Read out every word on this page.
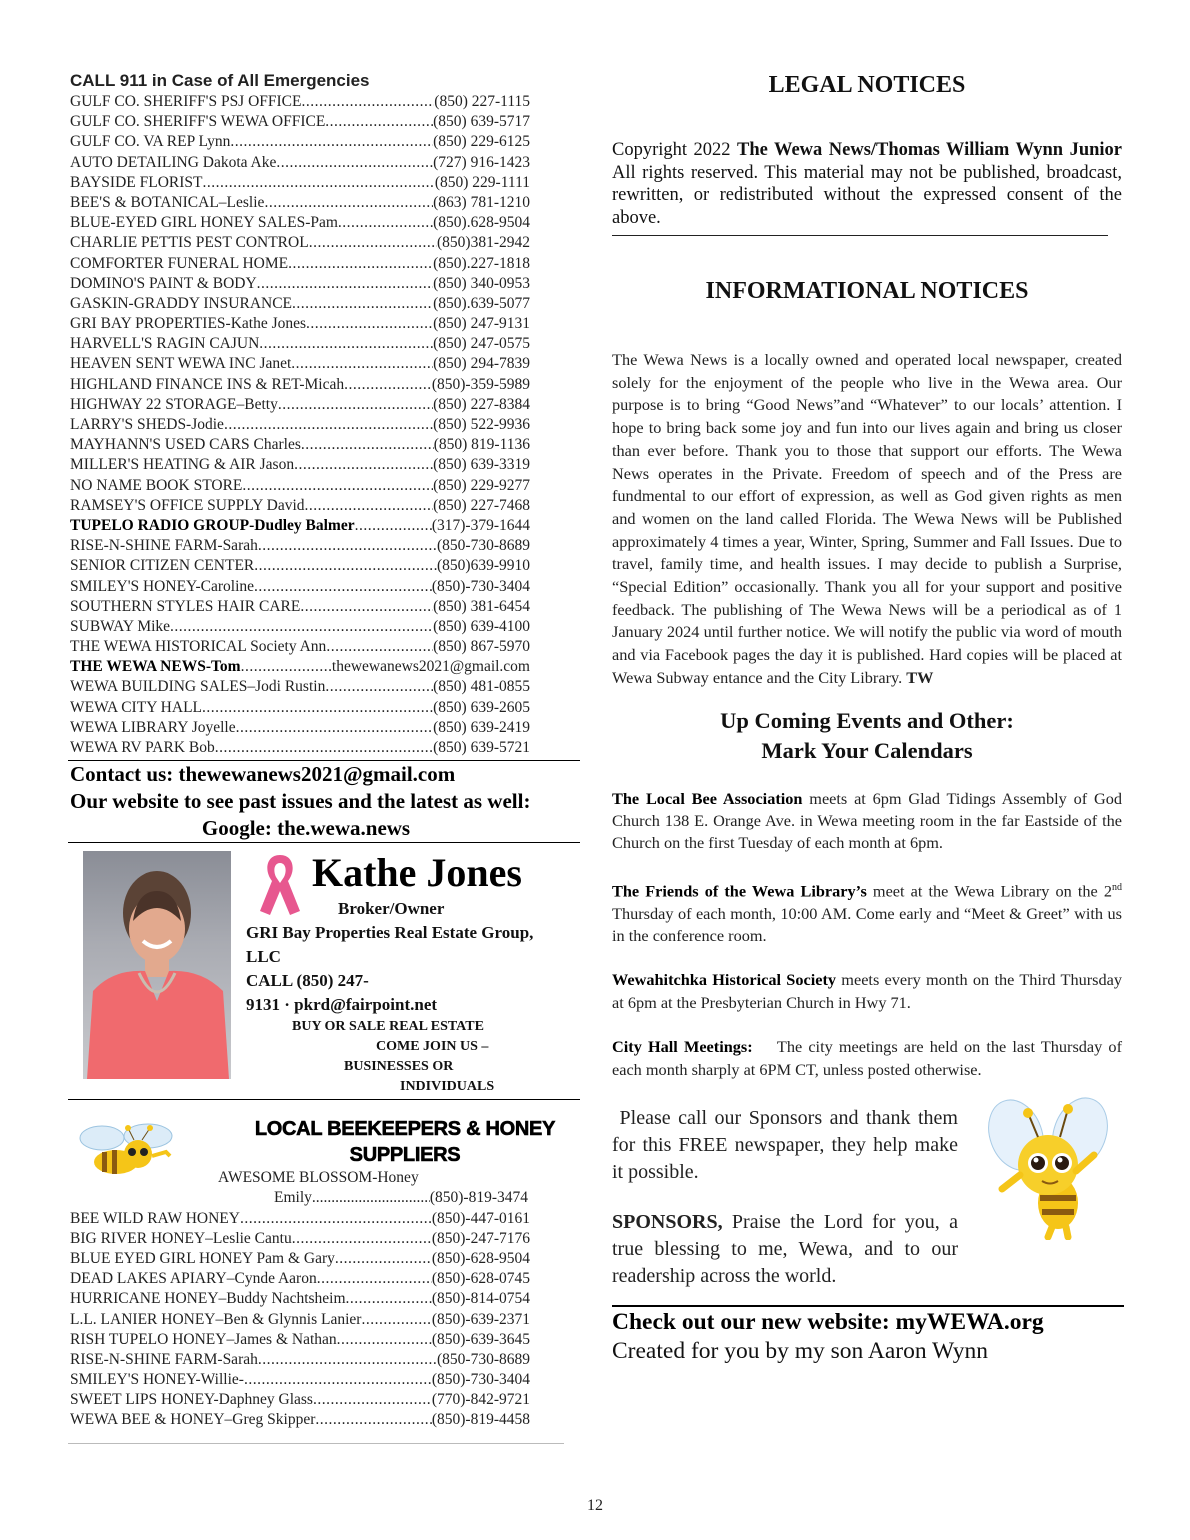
CALL 911 in Case of All Emergencies
GULF CO. SHERIFF'S PSJ OFFICE .....	(850) 227-1115
GULF CO. SHERIFF'S WEWA OFFICE .....	(850) 639-5717
GULF CO. VA REP Lynn .....	(850) 229-6125
AUTO DETAILING Dakota Ake .....	(727) 916-1423
BAYSIDE FLORIST .....	(850) 229-1111
BEE'S & BOTANICAL–Leslie .....	(863) 781-1210
BLUE-EYED GIRL HONEY SALES-Pam .....	(850).628-9504
CHARLIE PETTIS PEST CONTROL .....	(850)381-2942
COMFORTER FUNERAL HOME .....	(850).227-1818
DOMINO'S PAINT & BODY .....	(850) 340-0953
GASKIN-GRADDY INSURANCE .....	(850).639-5077
GRI BAY PROPERTIES-Kathe Jones .....	(850) 247-9131
HARVELL'S RAGIN CAJUN .....	(850) 247-0575
HEAVEN SENT WEWA INC Janet .....	(850) 294-7839
HIGHLAND FINANCE INS & RET-Micah .....	(850)-359-5989
HIGHWAY 22 STORAGE–Betty .....	(850) 227-8384
LARRY'S SHEDS-Jodie .....	(850) 522-9936
MAYHANN'S USED CARS Charles .....	(850) 819-1136
MILLER'S HEATING & AIR Jason .....	(850) 639-3319
NO NAME BOOK STORE .....	(850) 229-9277
RAMSEY'S OFFICE SUPPLY David .....	(850) 227-7468
TUPELO RADIO GROUP-Dudley Balmer .....	(317)-379-1644
RISE-N-SHINE FARM-Sarah .....	(850-730-8689
SENIOR CITIZEN CENTER .....	(850)639-9910
SMILEY'S HONEY-Caroline .....	(850)-730-3404
SOUTHERN STYLES HAIR CARE .....	(850) 381-6454
SUBWAY Mike .....	(850) 639-4100
THE WEWA HISTORICAL Society Ann .....	(850) 867-5970
THE WEWA NEWS-Tom .....	thewewanews2021@gmail.com
WEWA BUILDING SALES–Jodi Rustin .....	(850) 481-0855
WEWA CITY HALL .....	(850) 639-2605
WEWA LIBRARY Joyelle .....	(850) 639-2419
WEWA RV PARK Bob .....	(850) 639-5721
Contact us: thewewanews2021@gmail.com
Our website to see past issues and the latest as well:
Google: the.wewa.news
Kathe Jones
Broker/Owner
GRI Bay Properties Real Estate Group,
LLC
CALL (850) 247-
9131 · pkrd@fairpoint.net
BUY OR SALE REAL ESTATE
COME JOIN US –
BUSINESSES OR
INDIVIDUALS
LOCAL BEEKEEPERS & HONEY
SUPPLIERS
AWESOME BLOSSOM-Honey
Emily .....	(850)-819-3474
BEE WILD RAW HONEY .....	(850)-447-0161
BIG RIVER HONEY–Leslie Cantu .....	(850)-247-7176
BLUE EYED GIRL HONEY Pam & Gary .....	(850)-628-9504
DEAD LAKES APIARY–Cynde Aaron .....	(850)-628-0745
HURRICANE HONEY–Buddy Nachtsheim .....	(850)-814-0754
L.L. LANIER HONEY–Ben & Glynnis Lanier .....	(850)-639-2371
RISH TUPELO HONEY–James & Nathan .....	(850)-639-3645
RISE-N-SHINE FARM-Sarah .....	(850-730-8689
SMILEY'S HONEY-Willie- .....	(850)-730-3404
SWEET LIPS HONEY-Daphney Glass .....	(770)-842-9721
WEWA BEE & HONEY–Greg Skipper .....	(850)-819-4458
LEGAL NOTICES
Copyright 2022 The Wewa News/Thomas William Wynn Junior All rights reserved. This material may not be published, broadcast, rewritten, or redistributed without the expressed consent of the above.
INFORMATIONAL NOTICES
The Wewa News is a locally owned and operated local newspaper, created solely for the enjoyment of the people who live in the Wewa area. Our purpose is to bring “Good News”and “Whatever” to our locals’ attention. I hope to bring back some joy and fun into our lives again and bring us closer than ever before. Thank you to those that support our efforts. The Wewa News operates in the Private. Freedom of speech and of the Press are fundmental to our effort of expression, as well as God given rights as men and women on the land called Florida. The Wewa News will be Published approximately 4 times a year, Winter, Spring, Summer and Fall Issues. Due to travel, family time, and health issues. I may decide to publish a Surprise, “Special Edition” occasionally. Thank you all for your support and positive feedback. The publishing of The Wewa News will be a periodical as of 1 January 2024 until further notice. We will notify the public via word of mouth and via Facebook pages the day it is published. Hard copies will be placed at Wewa Subway entance and the City Library. TW
Up Coming Events and Other:
Mark Your Calendars
The Local Bee Association meets at 6pm Glad Tidings Assembly of God Church 138 E. Orange Ave. in Wewa meeting room in the far Eastside of the Church on the first Tuesday of each month at 6pm.
The Friends of the Wewa Library’s meet at the Wewa Library on the 2nd Thursday of each month, 10:00 AM. Come early and “Meet & Greet” with us in the conference room.
Wewahitchka Historical Society meets every month on the Third Thursday at 6pm at the Presbyterian Church in Hwy 71.
City Hall Meetings:    The city meetings are held on the last Thursday of each month sharply at 6PM CT, unless posted otherwise.

Please call our Sponsors and thank them for this FREE newspaper, they help make it possible.

SPONSORS, Praise the Lord for you, a true blessing to me, Wewa, and to our readership across the world.

Check out our new website: myWEWA.org
Created for you by my son Aaron Wynn
12
